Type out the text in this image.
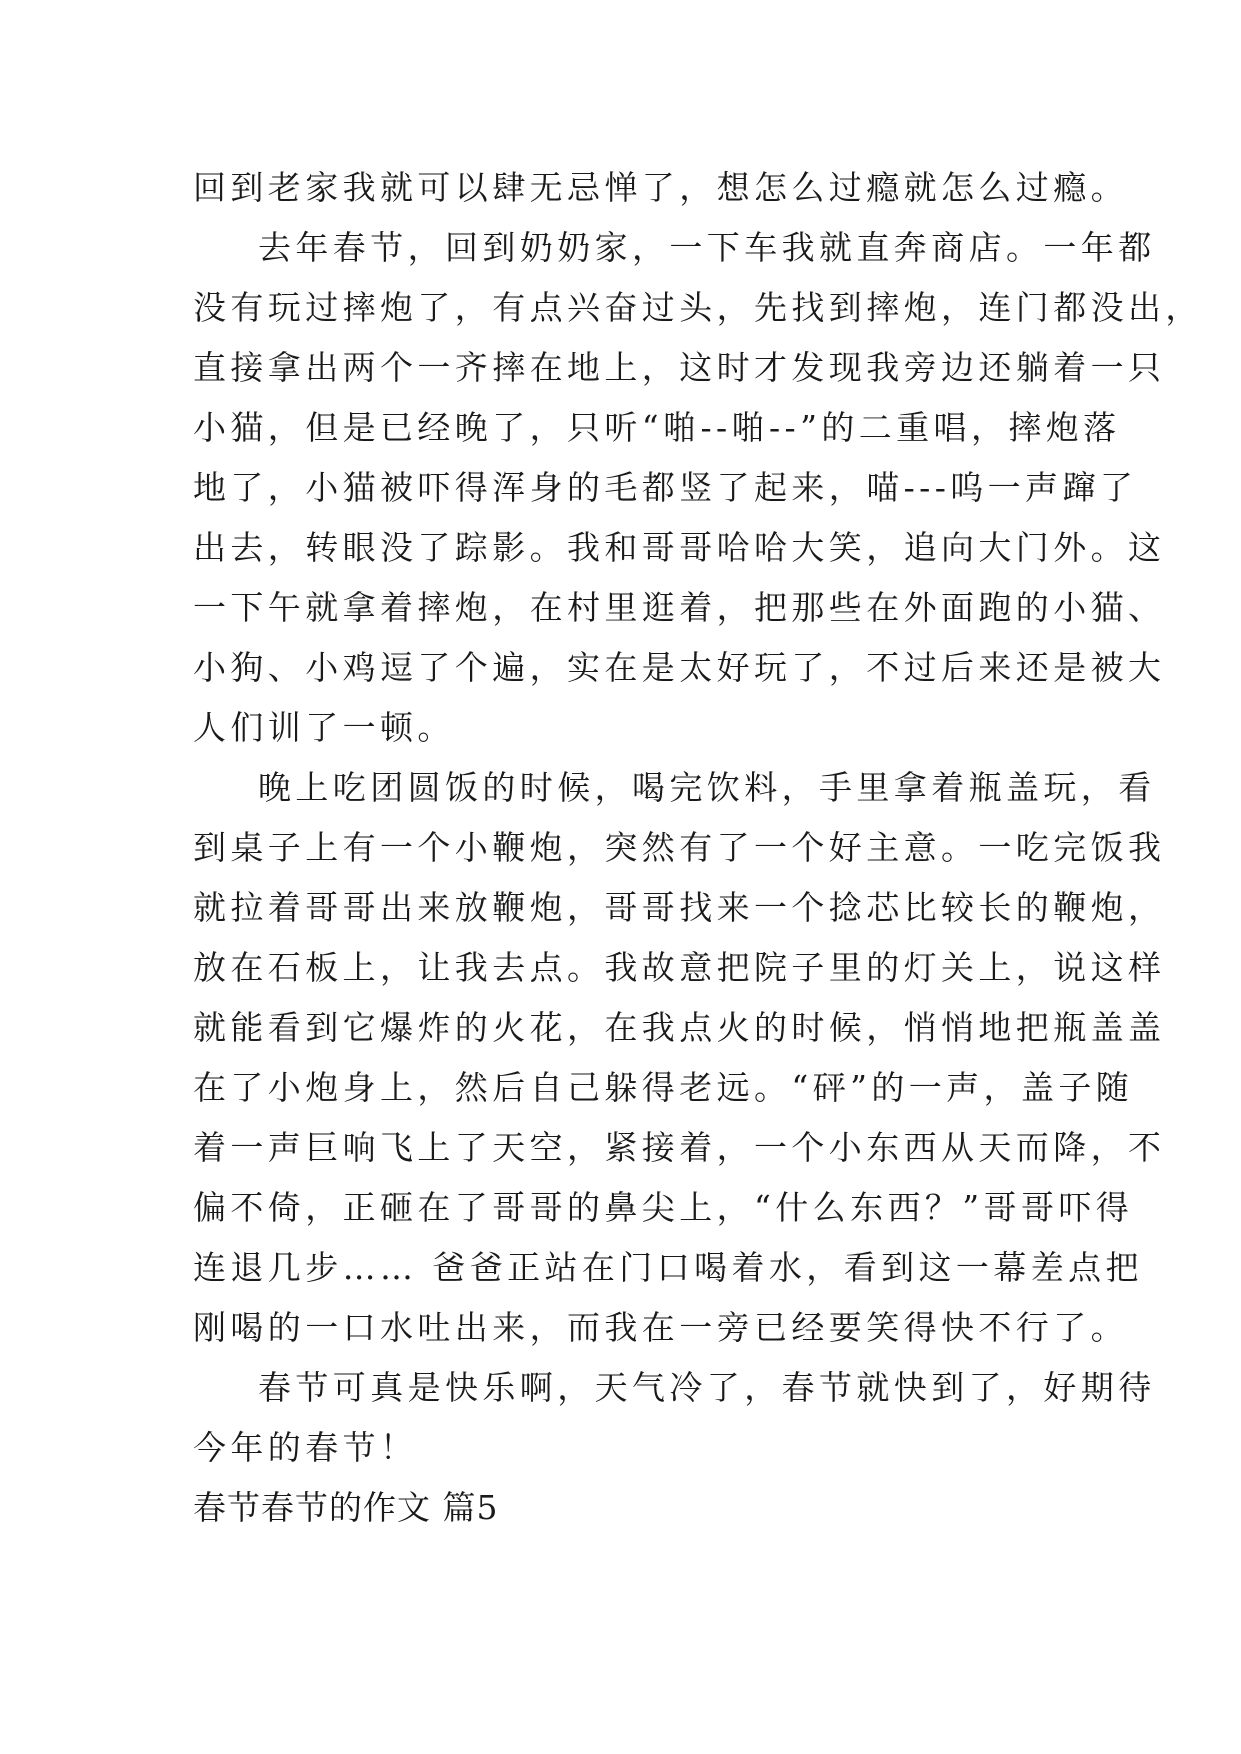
回到老家我就可以肆无忌惮了，想怎么过瘾就怎么过瘾。
去年春节，回到奶奶家，一下车我就直奔商店。一年都
没有玩过摔炮了，有点兴奋过头，先找到摔炮，连门都没出，
直接拿出两个一齐摔在地上，这时才发现我旁边还躺着一只
小猫，但是已经晚了，只听“啪--啪--”的二重唱，摔炮落
地了，小猫被吓得浑身的毛都竖了起来，喵---呜一声蹿了
出去，转眼没了踪影。我和哥哥哈哈大笑，追向大门外。这
一下午就拿着摔炮，在村里逛着，把那些在外面跑的小猫、
小狗、小鸡逗了个遍，实在是太好玩了，不过后来还是被大
人们训了一顿。
晚上吃团圆饭的时候，喝完饮料，手里拿着瓶盖玩，看
到桌子上有一个小鞭炮，突然有了一个好主意。一吃完饭我
就拉着哥哥出来放鞭炮，哥哥找来一个捻芯比较长的鞭炮，
放在石板上，让我去点。我故意把院子里的灯关上，说这样
就能看到它爆炸的火花，在我点火的时候，悄悄地把瓶盖盖
在了小炮身上，然后自己躲得老远。“砰”的一声，盖子随
着一声巨响飞上了天空，紧接着，一个小东西从天而降，不
偏不倚，正砸在了哥哥的鼻尖上，“什么东西？”哥哥吓得
连退几步…… 爸爸正站在门口喝着水，看到这一幕差点把
刚喝的一口水吐出来，而我在一旁已经要笑得快不行了。
春节可真是快乐啊，天气冷了，春节就快到了，好期待
今年的春节！
春节春节的作文 篇5
